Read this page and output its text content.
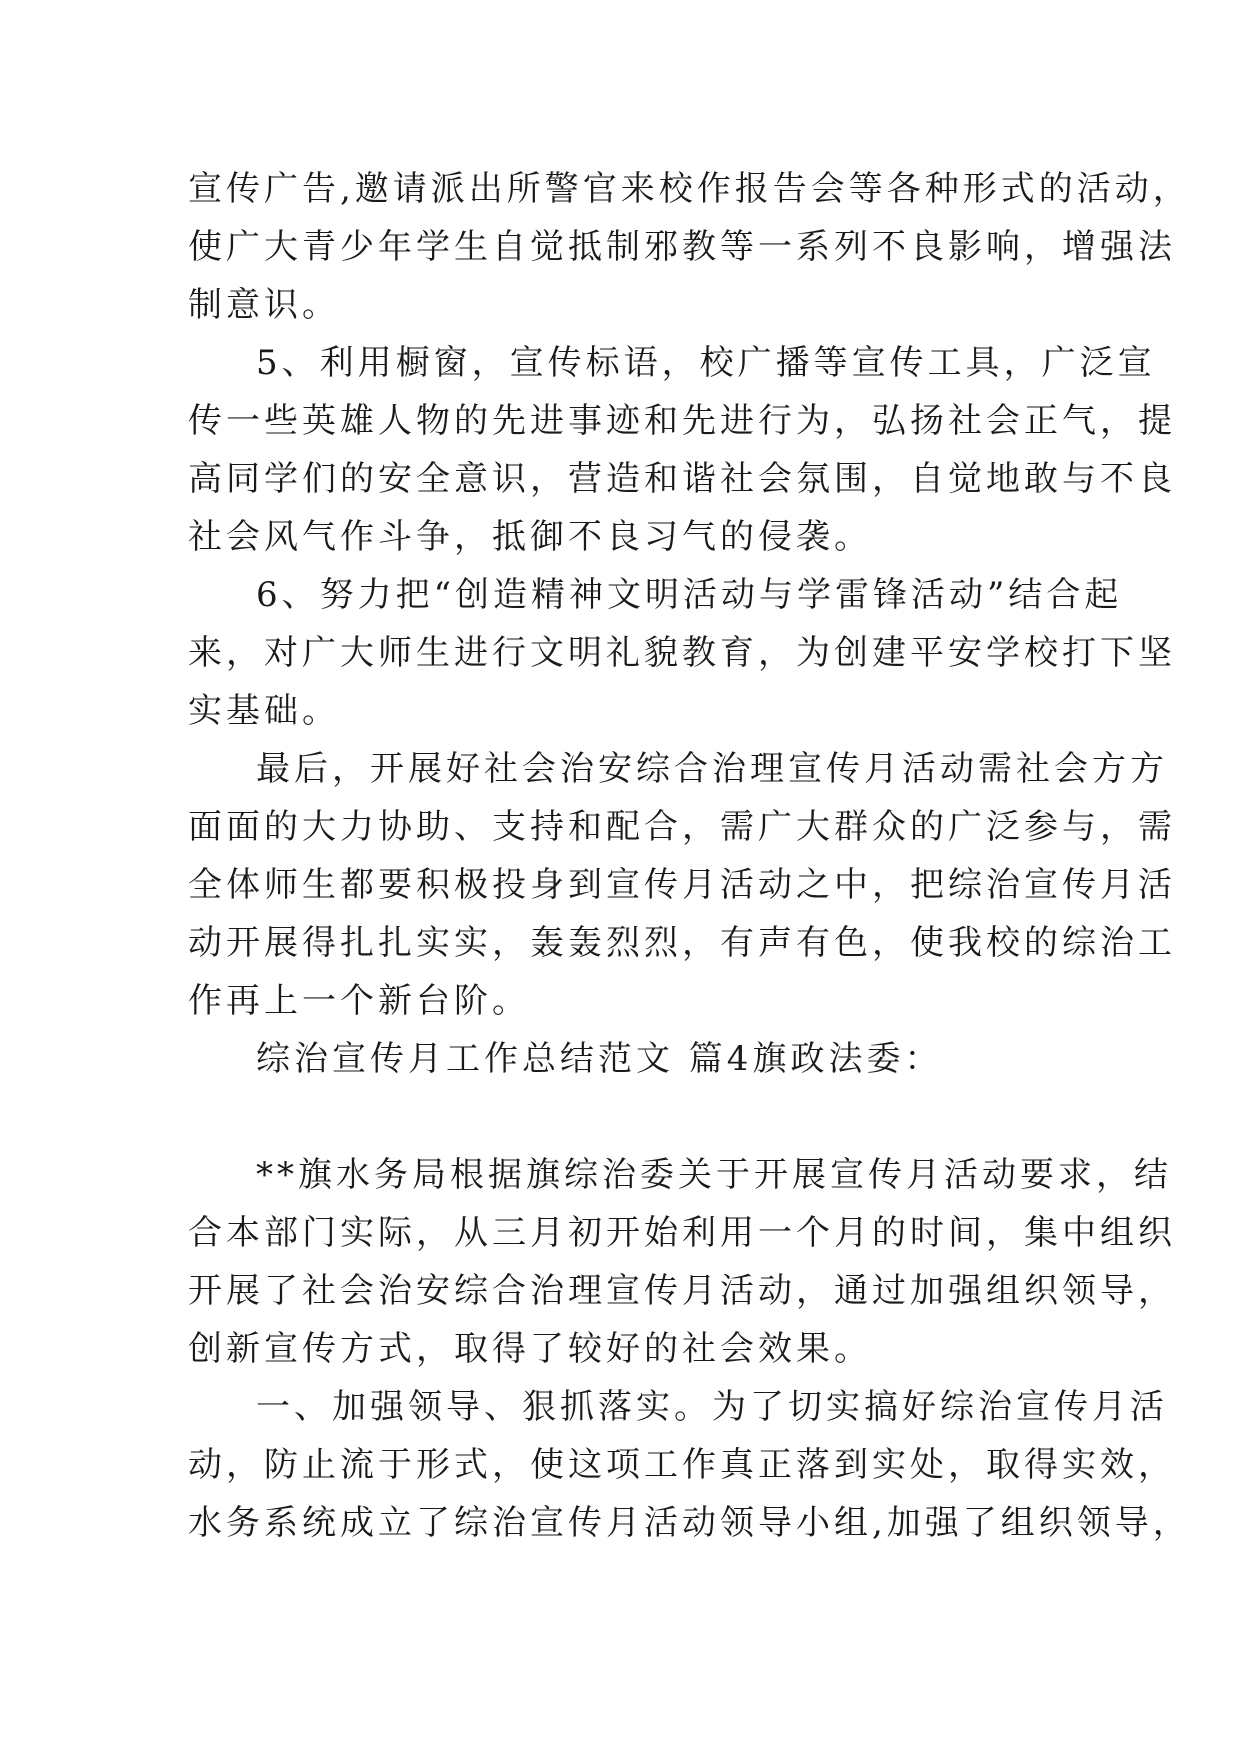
宣传广告,邀请派出所警官来校作报告会等各种形式的活动，
使广大青少年学生自觉抵制邪教等一系列不良影响，增强法
制意识。
5、利用橱窗，宣传标语，校广播等宣传工具，广泛宣
传一些英雄人物的先进事迹和先进行为，弘扬社会正气，提
高同学们的安全意识，营造和谐社会氛围，自觉地敢与不良
社会风气作斗争，抵御不良习气的侵袭。
6、努力把“创造精神文明活动与学雷锋活动”结合起
来，对广大师生进行文明礼貌教育，为创建平安学校打下坚
实基础。
最后，开展好社会治安综合治理宣传月活动需社会方方
面面的大力协助、支持和配合，需广大群众的广泛参与，需
全体师生都要积极投身到宣传月活动之中，把综治宣传月活
动开展得扎扎实实，轰轰烈烈，有声有色，使我校的综治工
作再上一个新台阶。
综治宣传月工作总结范文 篇4旗政法委：
**旗水务局根据旗综治委关于开展宣传月活动要求，结
合本部门实际，从三月初开始利用一个月的时间，集中组织
开展了社会治安综合治理宣传月活动，通过加强组织领导，
创新宣传方式，取得了较好的社会效果。
一、加强领导、狠抓落实。为了切实搞好综治宣传月活
动，防止流于形式，使这项工作真正落到实处，取得实效，
水务系统成立了综治宣传月活动领导小组,加强了组织领导，
